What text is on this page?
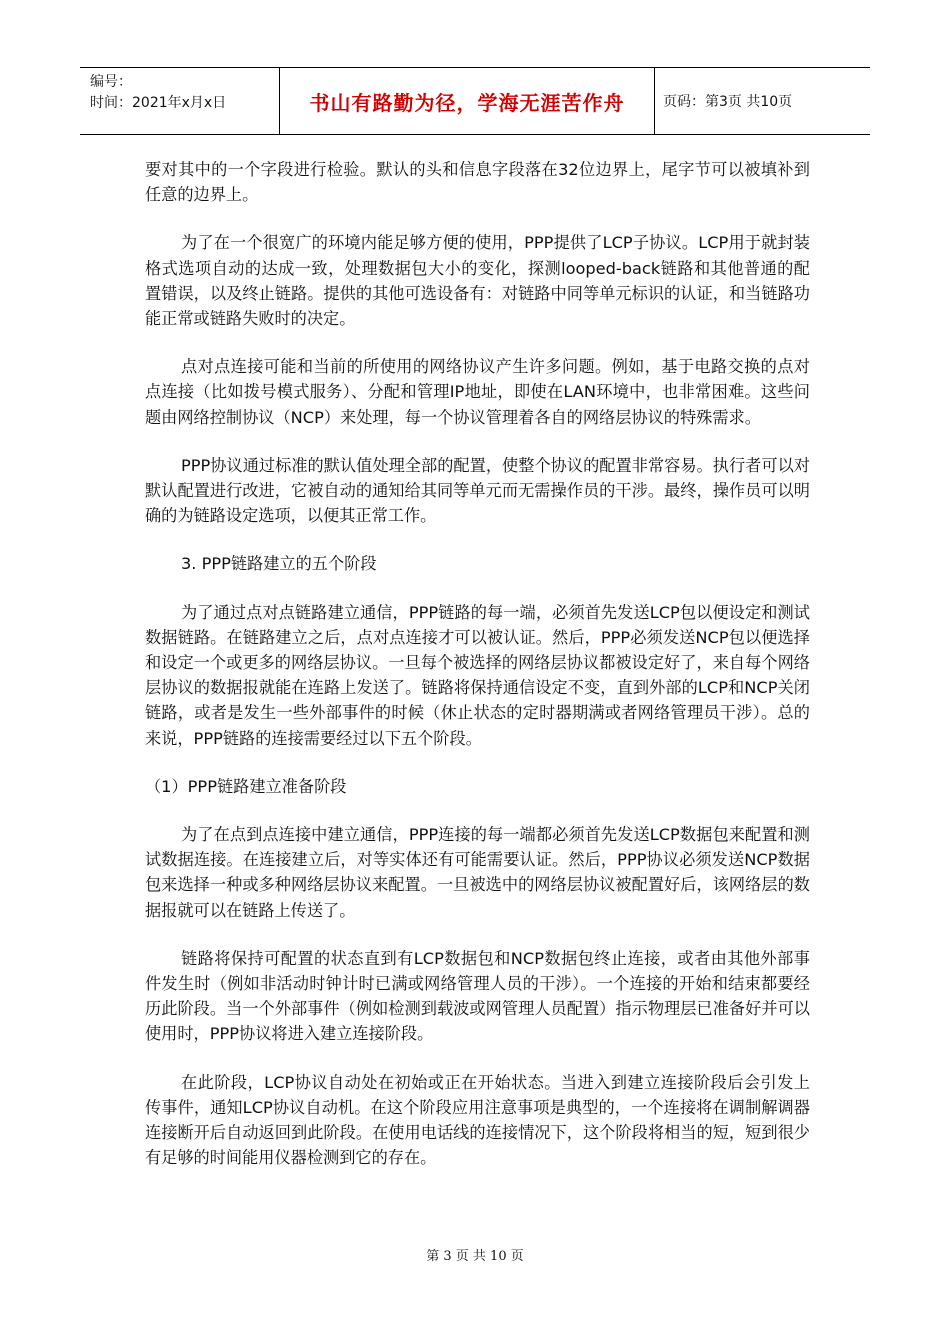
编号：
时间：2021年x月x日	书山有路勤为径，学海无涯苦作舟	页码：第3页 共10页

要对其中的一个字段进行检验。默认的头和信息字段落在32位边界上，尾字节可以被填补到任意的边界上。

为了在一个很宽广的环境内能足够方便的使用，PPP提供了LCP子协议。LCP用于就封装格式选项自动的达成一致，处理数据包大小的变化，探测looped-back链路和其他普通的配置错误，以及终止链路。提供的其他可选设备有：对链路中同等单元标识的认证，和当链路功能正常或链路失败时的决定。

点对点连接可能和当前的所使用的网络协议产生许多问题。例如，基于电路交换的点对点连接（比如拨号模式服务）、分配和管理IP地址，即使在LAN环境中，也非常困难。这些问题由网络控制协议（NCP）来处理，每一个协议管理着各自的网络层协议的特殊需求。

PPP协议通过标准的默认值处理全部的配置，使整个协议的配置非常容易。执行者可以对默认配置进行改进，它被自动的通知给其同等单元而无需操作员的干涉。最终，操作员可以明确的为链路设定选项，以便其正常工作。

3. PPP链路建立的五个阶段

为了通过点对点链路建立通信，PPP链路的每一端，必须首先发送LCP包以便设定和测试数据链路。在链路建立之后，点对点连接才可以被认证。然后，PPP必须发送NCP包以便选择和设定一个或更多的网络层协议。一旦每个被选择的网络层协议都被设定好了，来自每个网络层协议的数据报就能在连路上发送了。链路将保持通信设定不变，直到外部的LCP和NCP关闭链路，或者是发生一些外部事件的时候（休止状态的定时器期满或者网络管理员干涉）。总的来说，PPP链路的连接需要经过以下五个阶段。

（1）PPP链路建立准备阶段

为了在点到点连接中建立通信，PPP连接的每一端都必须首先发送LCP数据包来配置和测试数据连接。在连接建立后，对等实体还有可能需要认证。然后，PPP协议必须发送NCP数据包来选择一种或多种网络层协议来配置。一旦被选中的网络层协议被配置好后，该网络层的数据报就可以在链路上传送了。

链路将保持可配置的状态直到有LCP数据包和NCP数据包终止连接，或者由其他外部事件发生时（例如非活动时钟计时已满或网络管理人员的干涉）。一个连接的开始和结束都要经历此阶段。当一个外部事件（例如检测到载波或网管理人员配置）指示物理层已准备好并可以使用时，PPP协议将进入建立连接阶段。

在此阶段，LCP协议自动处在初始或正在开始状态。当进入到建立连接阶段后会引发上传事件，通知LCP协议自动机。在这个阶段应用注意事项是典型的，一个连接将在调制解调器连接断开后自动返回到此阶段。在使用电话线的连接情况下，这个阶段将相当的短，短到很少有足够的时间能用仪器检测到它的存在。

第 3 页 共 10 页
